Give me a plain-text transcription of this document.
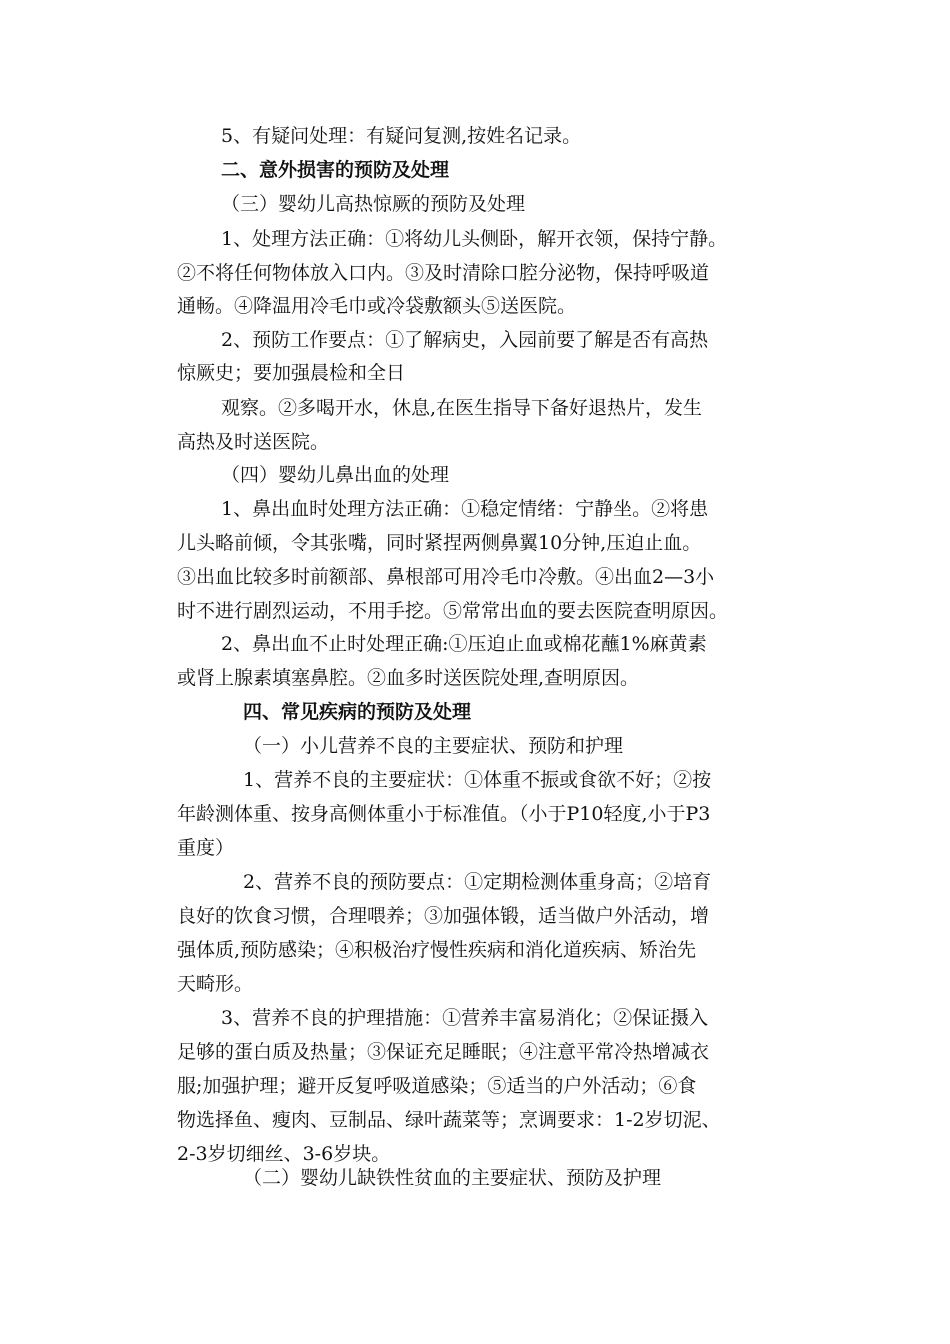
5、有疑问处理：有疑问复测,按姓名记录。
二、意外损害的预防及处理
（三）婴幼儿高热惊厥的预防及处理
1、处理方法正确：①将幼儿头侧卧，解开衣领，保持宁静。
②不将任何物体放入口内。③及时清除口腔分泌物，保持呼吸道
通畅。④降温用冷毛巾或冷袋敷额头⑤送医院。
2、预防工作要点：①了解病史，入园前要了解是否有高热
惊厥史；要加强晨检和全日
观察。②多喝开水，休息,在医生指导下备好退热片，发生
高热及时送医院。
（四）婴幼儿鼻出血的处理
1、鼻出血时处理方法正确：①稳定情绪：宁静坐。②将患
儿头略前倾，令其张嘴，同时紧捏两侧鼻翼10分钟,压迫止血。
③出血比较多时前额部、鼻根部可用冷毛巾冷敷。④出血2—3小
时不进行剧烈运动，不用手挖。⑤常常出血的要去医院查明原因。
2、鼻出血不止时处理正确:①压迫止血或棉花蘸1%麻黄素
或肾上腺素填塞鼻腔。②血多时送医院处理,查明原因。
四、常见疾病的预防及处理
（一）小儿营养不良的主要症状、预防和护理
1、营养不良的主要症状：①体重不振或食欲不好；②按
年龄测体重、按身高侧体重小于标准值。（小于P10轻度,小于P3
重度）
2、营养不良的预防要点：①定期检测体重身高；②培育
良好的饮食习惯，合理喂养；③加强体锻，适当做户外活动，增
强体质,预防感染；④积极治疗慢性疾病和消化道疾病、矫治先
天畸形。
3、营养不良的护理措施：①营养丰富易消化；②保证摄入
足够的蛋白质及热量；③保证充足睡眠；④注意平常冷热增减衣
服;加强护理；避开反复呼吸道感染；⑤适当的户外活动；⑥食
物选择鱼、瘦肉、豆制品、绿叶蔬菜等；烹调要求：1-2岁切泥、
2-3岁切细丝、3-6岁块。
（二）婴幼儿缺铁性贫血的主要症状、预防及护理
